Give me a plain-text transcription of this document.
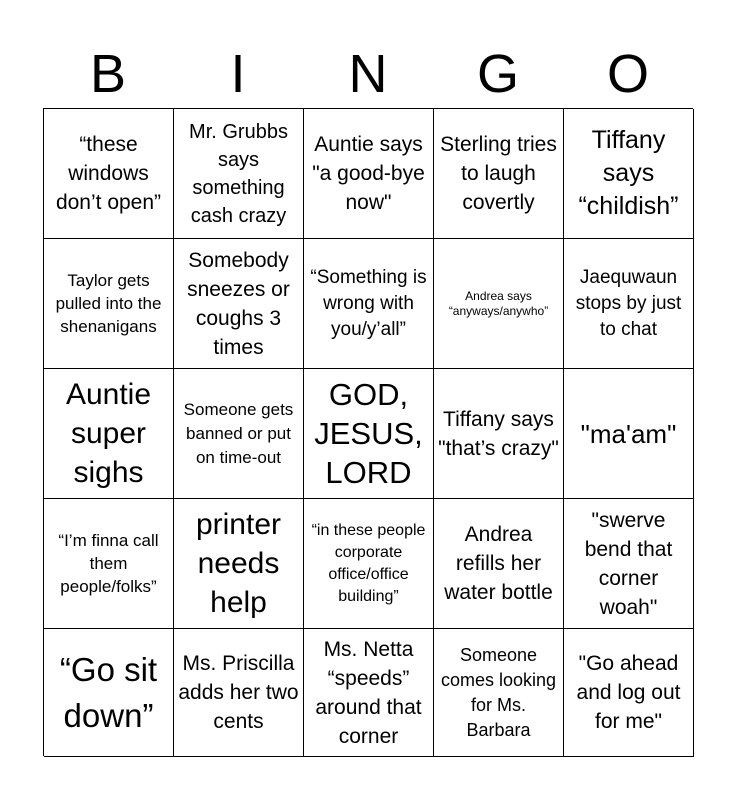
B	I	N	G	O
“these windows don’t open”
Mr. Grubbs says something cash crazy
Auntie says "a good-bye now"
Sterling tries to laugh covertly
Tiffany says “childish”
Taylor gets pulled into the shenanigans
Somebody sneezes or coughs 3 times
“Something is wrong with you/y’all”
Andrea says “anyways/anywho”
Jaequwaun stops by just to chat
Auntie super sighs
Someone gets banned or put on time-out
GOD, JESUS, LORD
Tiffany says "that’s crazy" "ma'am"
“I’m finna call them people/folks”
printer needs help
“in these people corporate office/office building”
Andrea refills her water bottle
"swerve bend that corner woah"
“Go sit down”
Ms. Priscilla adds her two cents
Ms. Netta “speeds” around that corner
Someone comes looking for Ms. Barbara
"Go ahead and log out for me"
